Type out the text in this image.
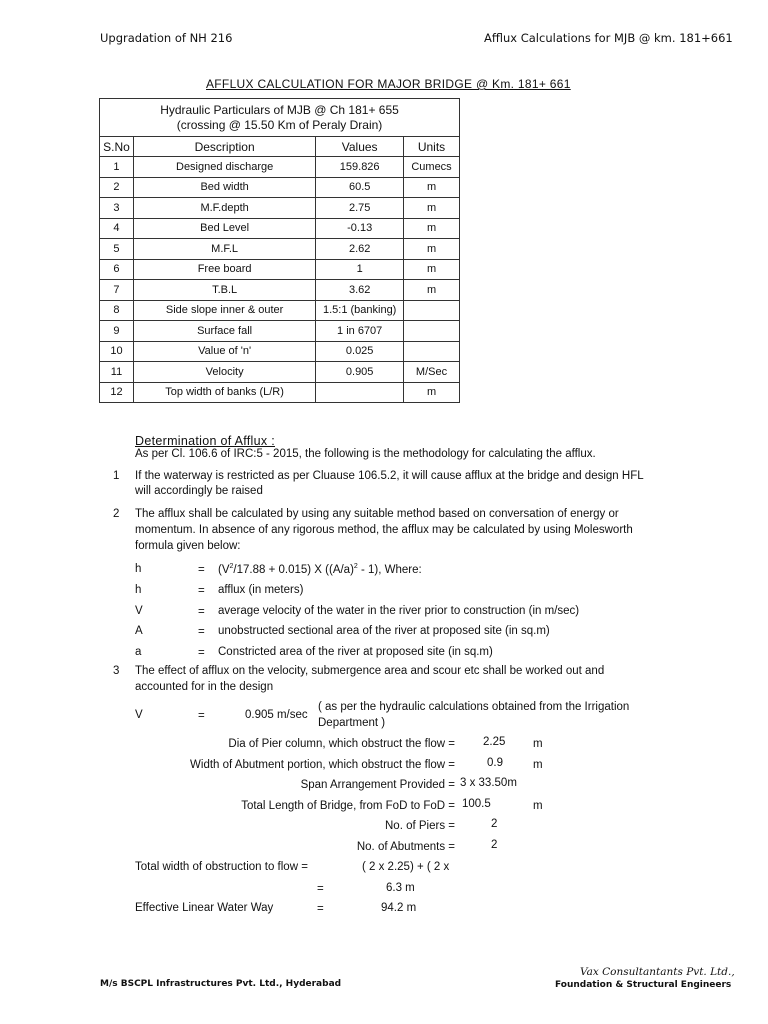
Upgradation of NH 216	Afflux Calculations for MJB @ km. 181+661
AFFLUX CALCULATION FOR MAJOR BRIDGE @ Km. 181+ 661
Hydraulic Particulars of MJB @ Ch 181+ 655
(crossing @ 15.50 Km of Peraly Drain)			

S.No	Description	Values	Units
1	Designed discharge	159.826	Cumecs
2	Bed width	60.5	m
3	M.F.depth	2.75	m
4	Bed Level	-0.13	m
5	M.F.L	2.62	m
6	Free board	1	m
7	T.B.L	3.62	m
8	Side slope inner & outer	1.5:1 (banking)	
9	Surface fall	1 in 6707	
10	Value of 'n'	0.025	
11	Velocity	0.905	M/Sec
12	Top width of banks (L/R)		m
Determination of Afflux :
As per Cl. 106.6 of IRC:5 - 2015, the following is the methodology for calculating the afflux.
1 If the waterway is restricted as per Cluause 106.5.2, it will cause afflux at the bridge and design HFL
will accordingly be raised
2 The afflux shall be calculated by using any suitable method based on conversation of energy or
momentum. In absence of any rigorous method, the afflux may be calculated by using Molesworth
formula given below:
h	= $(V^2/17.88 + 0.015)$ X $((A/a)^2 - 1)$, Where:
h	= afflux (in meters)
V	= average velocity of the water in the river prior to construction (in m/sec)
A	= unobstructed sectional area of the river at proposed site (in sq.m)
a	= Constricted area of the river at proposed site (in sq.m)
3 The effect of afflux on the velocity, submergence area and scour etc shall be worked out and
accounted for in the design
V	=	0.905 m/sec
( as per the hydraulic calculations obtained from the Irrigation
Department )
Dia of Pier column, which obstruct the flow = 2.25 m
Width of Abutment portion, which obstruct the flow =	0.9	m
Span Arrangement Provided = 3 x 33.50m
Total Length of Bridge, from FoD to FoD = 100.5	m
No. of Piers =	2
No. of Abutments =	2
Total width of obstruction to flow =	( 2 x 2.25) + ( 2 x
=	6.3 m
Effective Linear Water Way	=	94.2 m
M/s BSCPL Infrastructures Pvt. Ltd., Hyderabad
Vax Consultantants Pvt. Ltd.,
Foundation & Structural Engineers
